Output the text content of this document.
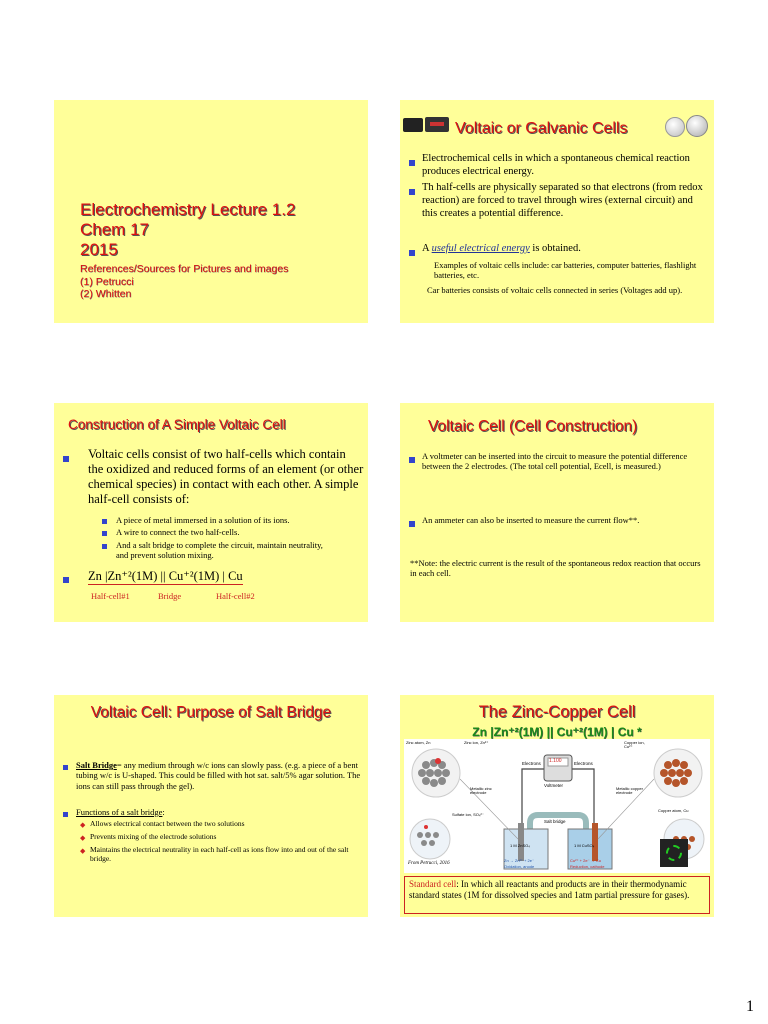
Electrochemistry Lecture 1.2
Chem 17
2015
References/Sources for Pictures and images
(1) Petrucci
(2) Whitten
Voltaic or Galvanic Cells
Electrochemical cells in which a spontaneous chemical reaction produces electrical energy.
Th half-cells are physically separated so that electrons (from redox reaction) are forced to travel through wires (external circuit) and this creates a potential difference.
A useful electrical energy is obtained.
Examples of voltaic cells include: car batteries, computer batteries, flashlight batteries, etc.
Car batteries consists of voltaic cells connected in series (Voltages add up).
Construction of A Simple Voltaic Cell
Voltaic cells consist of two half-cells which contain the oxidized and reduced forms of an element (or other chemical species) in contact with each other. A simple half-cell consists of:
A piece of metal immersed in a solution of its ions.
A wire to connect the two half-cells.
And a salt bridge to complete the circuit, maintain neutrality, and prevent solution mixing.
Zn |Zn⁺²(1M) || Cu⁺²(1M) | Cu
Half-cell#1	Bridge	Half-cell#2
Voltaic Cell (Cell Construction)
A voltmeter can be inserted into the circuit to measure the potential difference between the 2 electrodes. (The total cell potential, Ecell, is measured.)
An ammeter can also be inserted to measure the current flow**.
**Note: the electric current is the result of the spontaneous redox reaction that occurs in each cell.
Voltaic Cell: Purpose of Salt Bridge
Salt Bridge= any medium through w/c ions can slowly pass. (e.g. a piece of a bent tubing w/c is U-shaped. This could be filled with hot sat. salt/5% agar solution. The ions can still pass through the gel).
Functions of a salt bridge:
◆ Allows electrical contact between the two solutions
◆ Prevents mixing of the electrode solutions
◆ Maintains the electrical neutrality in each half-cell as ions flow into and out of the salt bridge.
The Zinc-Copper Cell
Zn |Zn⁺²(1M) || Cu⁺²(1M) | Cu *
1.100
Voltmeter
Electrons	Electrons
Salt bridge
Zinc atom, Zn	Zinc ion, Zn²⁺	Copper ion, Cu²⁺
Metallic zinc electrode
Metallic copper electrode
Sulfate ion, SO₄²⁻
Copper atom, Cu
1 M ZnSO₄	1 M CuSO₄
Zn → Zn²⁺ + 2e⁻
Oxidation, anode
Cu²⁺ + 2e⁻ → Cu
Reduction, cathode
From Petrucci, 2016
Standard cell: In which all reactants and products are in their thermodynamic standard states (1M for dissolved species and 1atm partial pressure for gases).
1
